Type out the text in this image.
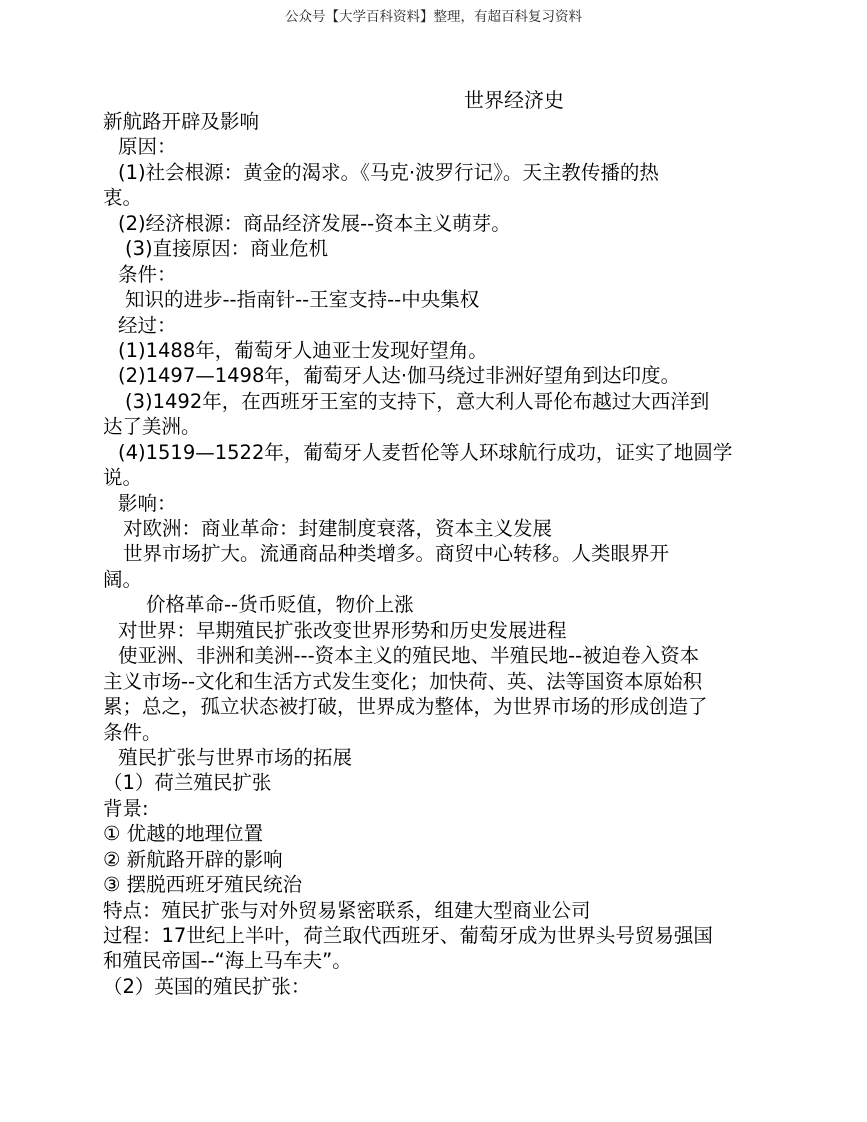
公众号【大学百科资料】整理，有超百科复习资料
世界经济史
新航路开辟及影响
原因：
(1)社会根源：黄金的渴求。《马克·波罗行记》。天主教传播的热
衷。
(2)经济根源：商品经济发展--资本主义萌芽。
(3)直接原因：商业危机
条件：
知识的进步--指南针--王室支持--中央集权
经过：
(1)1488年，葡萄牙人迪亚士发现好望角。
(2)1497—1498年，葡萄牙人达·伽马绕过非洲好望角到达印度。
(3)1492年，在西班牙王室的支持下，意大利人哥伦布越过大西洋到
达了美洲。
(4)1519—1522年，葡萄牙人麦哲伦等人环球航行成功，证实了地圆学
说。
影响：
对欧洲：商业革命：封建制度衰落，资本主义发展
世界市场扩大。流通商品种类增多。商贸中心转移。人类眼界开
阔。
价格革命--货币贬值，物价上涨
对世界：早期殖民扩张改变世界形势和历史发展进程
使亚洲、非洲和美洲---资本主义的殖民地、半殖民地--被迫卷入资本
主义市场--文化和生活方式发生变化；加快荷、英、法等国资本原始积
累；总之，孤立状态被打破，世界成为整体，为世界市场的形成创造了
条件。
殖民扩张与世界市场的拓展
（1）荷兰殖民扩张
背景:
① 优越的地理位置
② 新航路开辟的影响
③ 摆脱西班牙殖民统治
特点：殖民扩张与对外贸易紧密联系，组建大型商业公司
过程：17世纪上半叶，荷兰取代西班牙、葡萄牙成为世界头号贸易强国
和殖民帝国--“海上马车夫”。
（2）英国的殖民扩张：
